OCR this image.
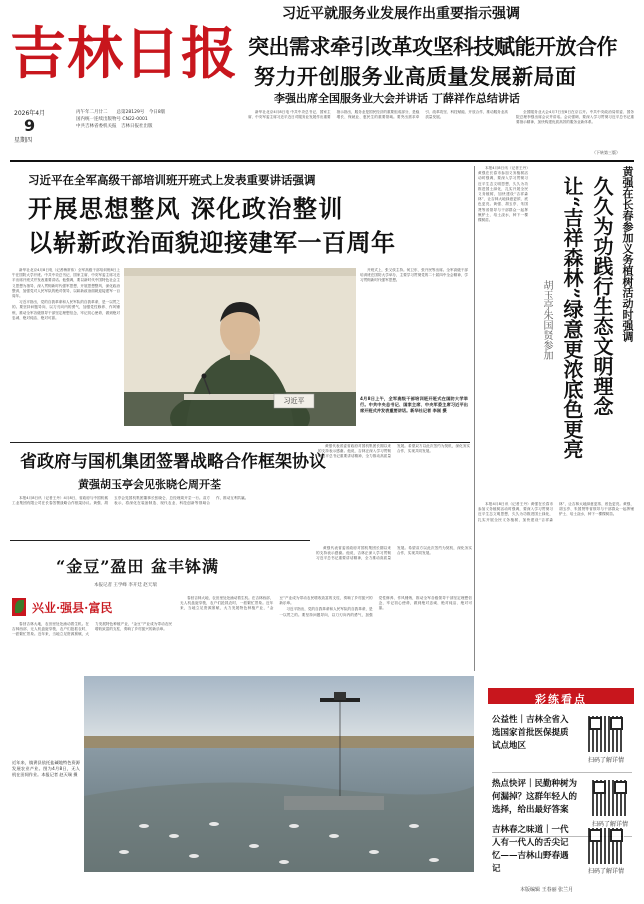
吉林日报
2026年4月
9
星期四
丙午年二月廿二　　 总第28129号　 今日8版
国内统一连续出版物号 CN22-0001
中共吉林省委机关报　 吉林日报社出版
习近平就服务业发展作出重要指示强调
突出需求牵引改革攻坚科技赋能开放合作
努力开创服务业高质量发展新局面
李强出席全国服务业大会并讲话 丁薛祥作总结讲话

新华社北京4月8日电 中共中央总书记、国家主席、中央军委主席习近平近日对服务业发展作出重要指示指出，服务业是国民经济的重要组成部分，是稳增长、保就业、惠民生的重要领域。要突出需求牵引、改革攻坚、科技赋能、开放合作，推动服务业高质量发展。

全国服务业大会4月7日至8日在京召开。中共中央政治局常委、国务院总理李强出席会议并讲话。会议强调，要深入学习贯彻习近平总书记重要指示精神，加快构建优质高效的服务业新体系。

（下转第三版）
习近平在全军高级干部培训班开班式上发表重要讲话强调
开展思想整风 深化政治整训
以崭新政治面貌迎接建军一百周年

新华社北京4月8日电（记者梅常伟）全军高级干部培训班8日上午在国防大学开班。中共中央总书记、国家主席、中央军委主席习近平出席开班式并发表重要讲话。他强调，要以新时代中国特色社会主义思想为指导，深入贯彻新时代强军思想，开展思想整风，深化政治整训，加强党对人民军队的绝对领导，以崭新政治面貌迎接建军一百周年。

习近平指出，党的自我革命和人民军队的自我革命，是一以贯之的。要坚持问题导向，以刀刃向内的勇气，加强党性修养、作风锤炼，推动全军各级领导干部坚定理想信念，牢记初心使命，做到绝对忠诚、绝对纯洁、绝对可靠。

习近平

开班式上，张又侠主持。何卫东、张升民等出席。全军高级干部培训班在国防大学举办，主要学习贯彻党的二十届四中全会精神，学习贯彻新时代强军思想。

4月8日上午，全军高级干部培训班开班式在国防大学举行。中共中央总书记、国家主席、中央军委主席习近平出席开班式并发表重要讲话。新华社记者 李刚 摄

本报4月8日讯（记者王丹）黄强在长春市参加义务植树活动时强调，要深入学习贯彻习近平生态文明思想，久久为功推进国土绿化，扎实开展全民义务植树，加快建设“吉祥森林”，让吉林大地绿意更浓、底色更亮。黄强、胡玉亭、朱国贤等省领导与干部群众一起挥锹铲土、培土浇水，种下一棵棵树苗。	黄强在长春参加义务植树活动时强调
久久为功践行生态文明理念
让“吉祥森林”绿意更浓底色更亮
胡玉亭朱国贤参加

本报4月8日讯（记者王丹）黄强在长春市参加义务植树活动时强调，要深入学习贯彻习近平生态文明思想，久久为功推进国土绿化，扎实开展全民义务植树，加快建设“吉祥森林”，让吉林大地绿意更浓、底色更亮。黄强、胡玉亭、朱国贤等省领导与干部群众一起挥锹铲土、培土浇水，种下一棵棵树苗。

省政府与国机集团签署战略合作框架协议
黄强胡玉亭会见张晓仑周开荃

本报4月8日讯（记者王丹）4月8日，省政府与中国机械工业集团有限公司在长春签署战略合作框架协议。黄强、胡玉亭会见国机集团董事长张晓仑、总经理周开荃一行。双方表示，将深化在装备制造、现代农业、科技创新等领域合作，推动互利共赢。

黄强代表省委省政府对国机集团长期以来的支持表示感谢。他说，吉林正深入学习贯彻习近平总书记重要讲话精神，全力推动高质量发展。希望双方以此次签约为契机，深化务实合作，实现共同发展。

“金豆”盈田 盆丰钵满
本报记者 王学峰 李开廷 赵天瑞
兴业·强县·富民

春回吉林大地，农田里处处涌动着生机。在吉林西部，无人机盘旋穿梭，农户们抢抓农时，一派繁忙景象。近年来，当地立足资源禀赋，大力发展特色种植产业，“金豆”产业成为带动农民增收致富的支柱，奏响了乡村振兴的新乐章。

春回吉林大地，农田里处处涌动着生机。在吉林西部，无人机盘旋穿梭，农户们抢抓农时，一派繁忙景象。近年来，当地立足资源禀赋，大力发展特色种植产业，“金豆”产业成为带动农民增收致富的支柱，奏响了乡村振兴的新乐章。

习近平指出，党的自我革命和人民军队的自我革命，是一以贯之的。要坚持问题导向，以刀刃向内的勇气，加强党性修养、作风锤炼，推动全军各级领导干部坚定理想信念，牢记初心使命，做到绝对忠诚、绝对纯洁、绝对可靠。

黄强代表省委省政府对国机集团长期以来的支持表示感谢。他说，吉林正深入学习贯彻习近平总书记重要讲话精神，全力推动高质量发展。希望双方以此次签约为契机，深化务实合作，实现共同发展。

近年来，镇赉县依托盐碱地特色资源发展农业产业。图为4月8日，无人机在田间作业。本报记者 赵天瑞 摄
彩练看点
公益性｜吉林全省入选国家首批医保提质试点地区
扫码了解详情
热点快评｜民勤种树为何漏掉？这群年轻人的选择，给出最好答案
扫码了解详情
吉林春之味道｜一代人有一代人的舌尖记忆——吉林山野春遇记	扫码了解详情
本版编辑 王春丽 张兰月
